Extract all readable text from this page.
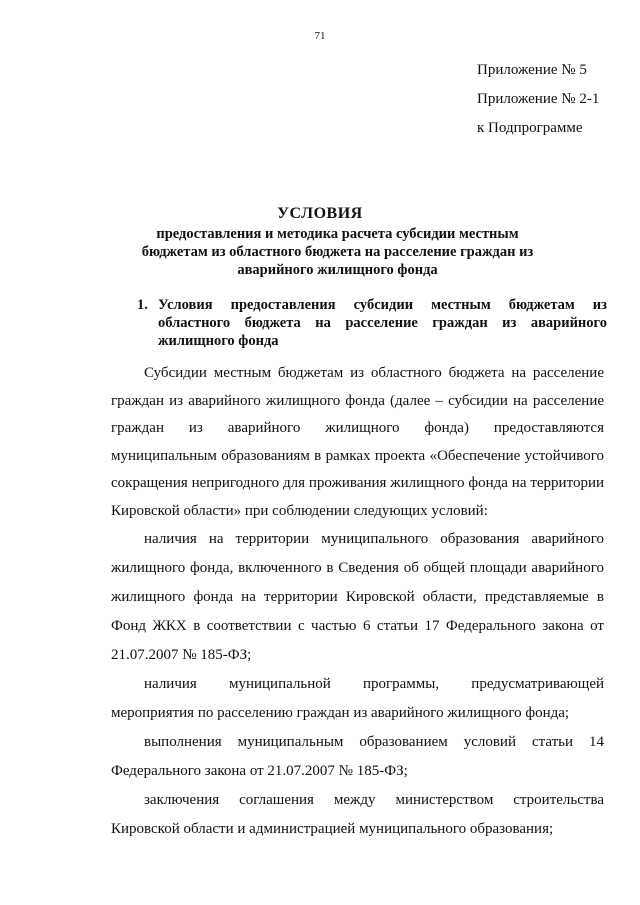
71
Приложение № 5
Приложение № 2-1
к Подпрограмме
УСЛОВИЯ
предоставления и методика расчета субсидии местным бюджетам из областного бюджета на расселение граждан из аварийного жилищного фонда
1. Условия предоставления субсидии местным бюджетам из областного бюджета на расселение граждан из аварийного жилищного фонда

Субсидии местным бюджетам из областного бюджета на расселение граждан из аварийного жилищного фонда (далее – субсидии на расселение граждан из аварийного жилищного фонда) предоставляются муниципальным образованиям в рамках проекта «Обеспечение устойчивого сокращения непригодного для проживания жилищного фонда на территории Кировской области» при соблюдении следующих условий:

наличия на территории муниципального образования аварийного жилищного фонда, включенного в Сведения об общей площади аварийного жилищного фонда на территории Кировской области, представляемые в Фонд ЖКХ в соответствии с частью 6 статьи 17 Федерального закона от 21.07.2007 № 185-ФЗ;

наличия муниципальной программы, предусматривающей мероприятия по расселению граждан из аварийного жилищного фонда;

выполнения муниципальным образованием условий статьи 14 Федерального закона от 21.07.2007 № 185-ФЗ;

заключения соглашения между министерством строительства Кировской области и администрацией муниципального образования;
